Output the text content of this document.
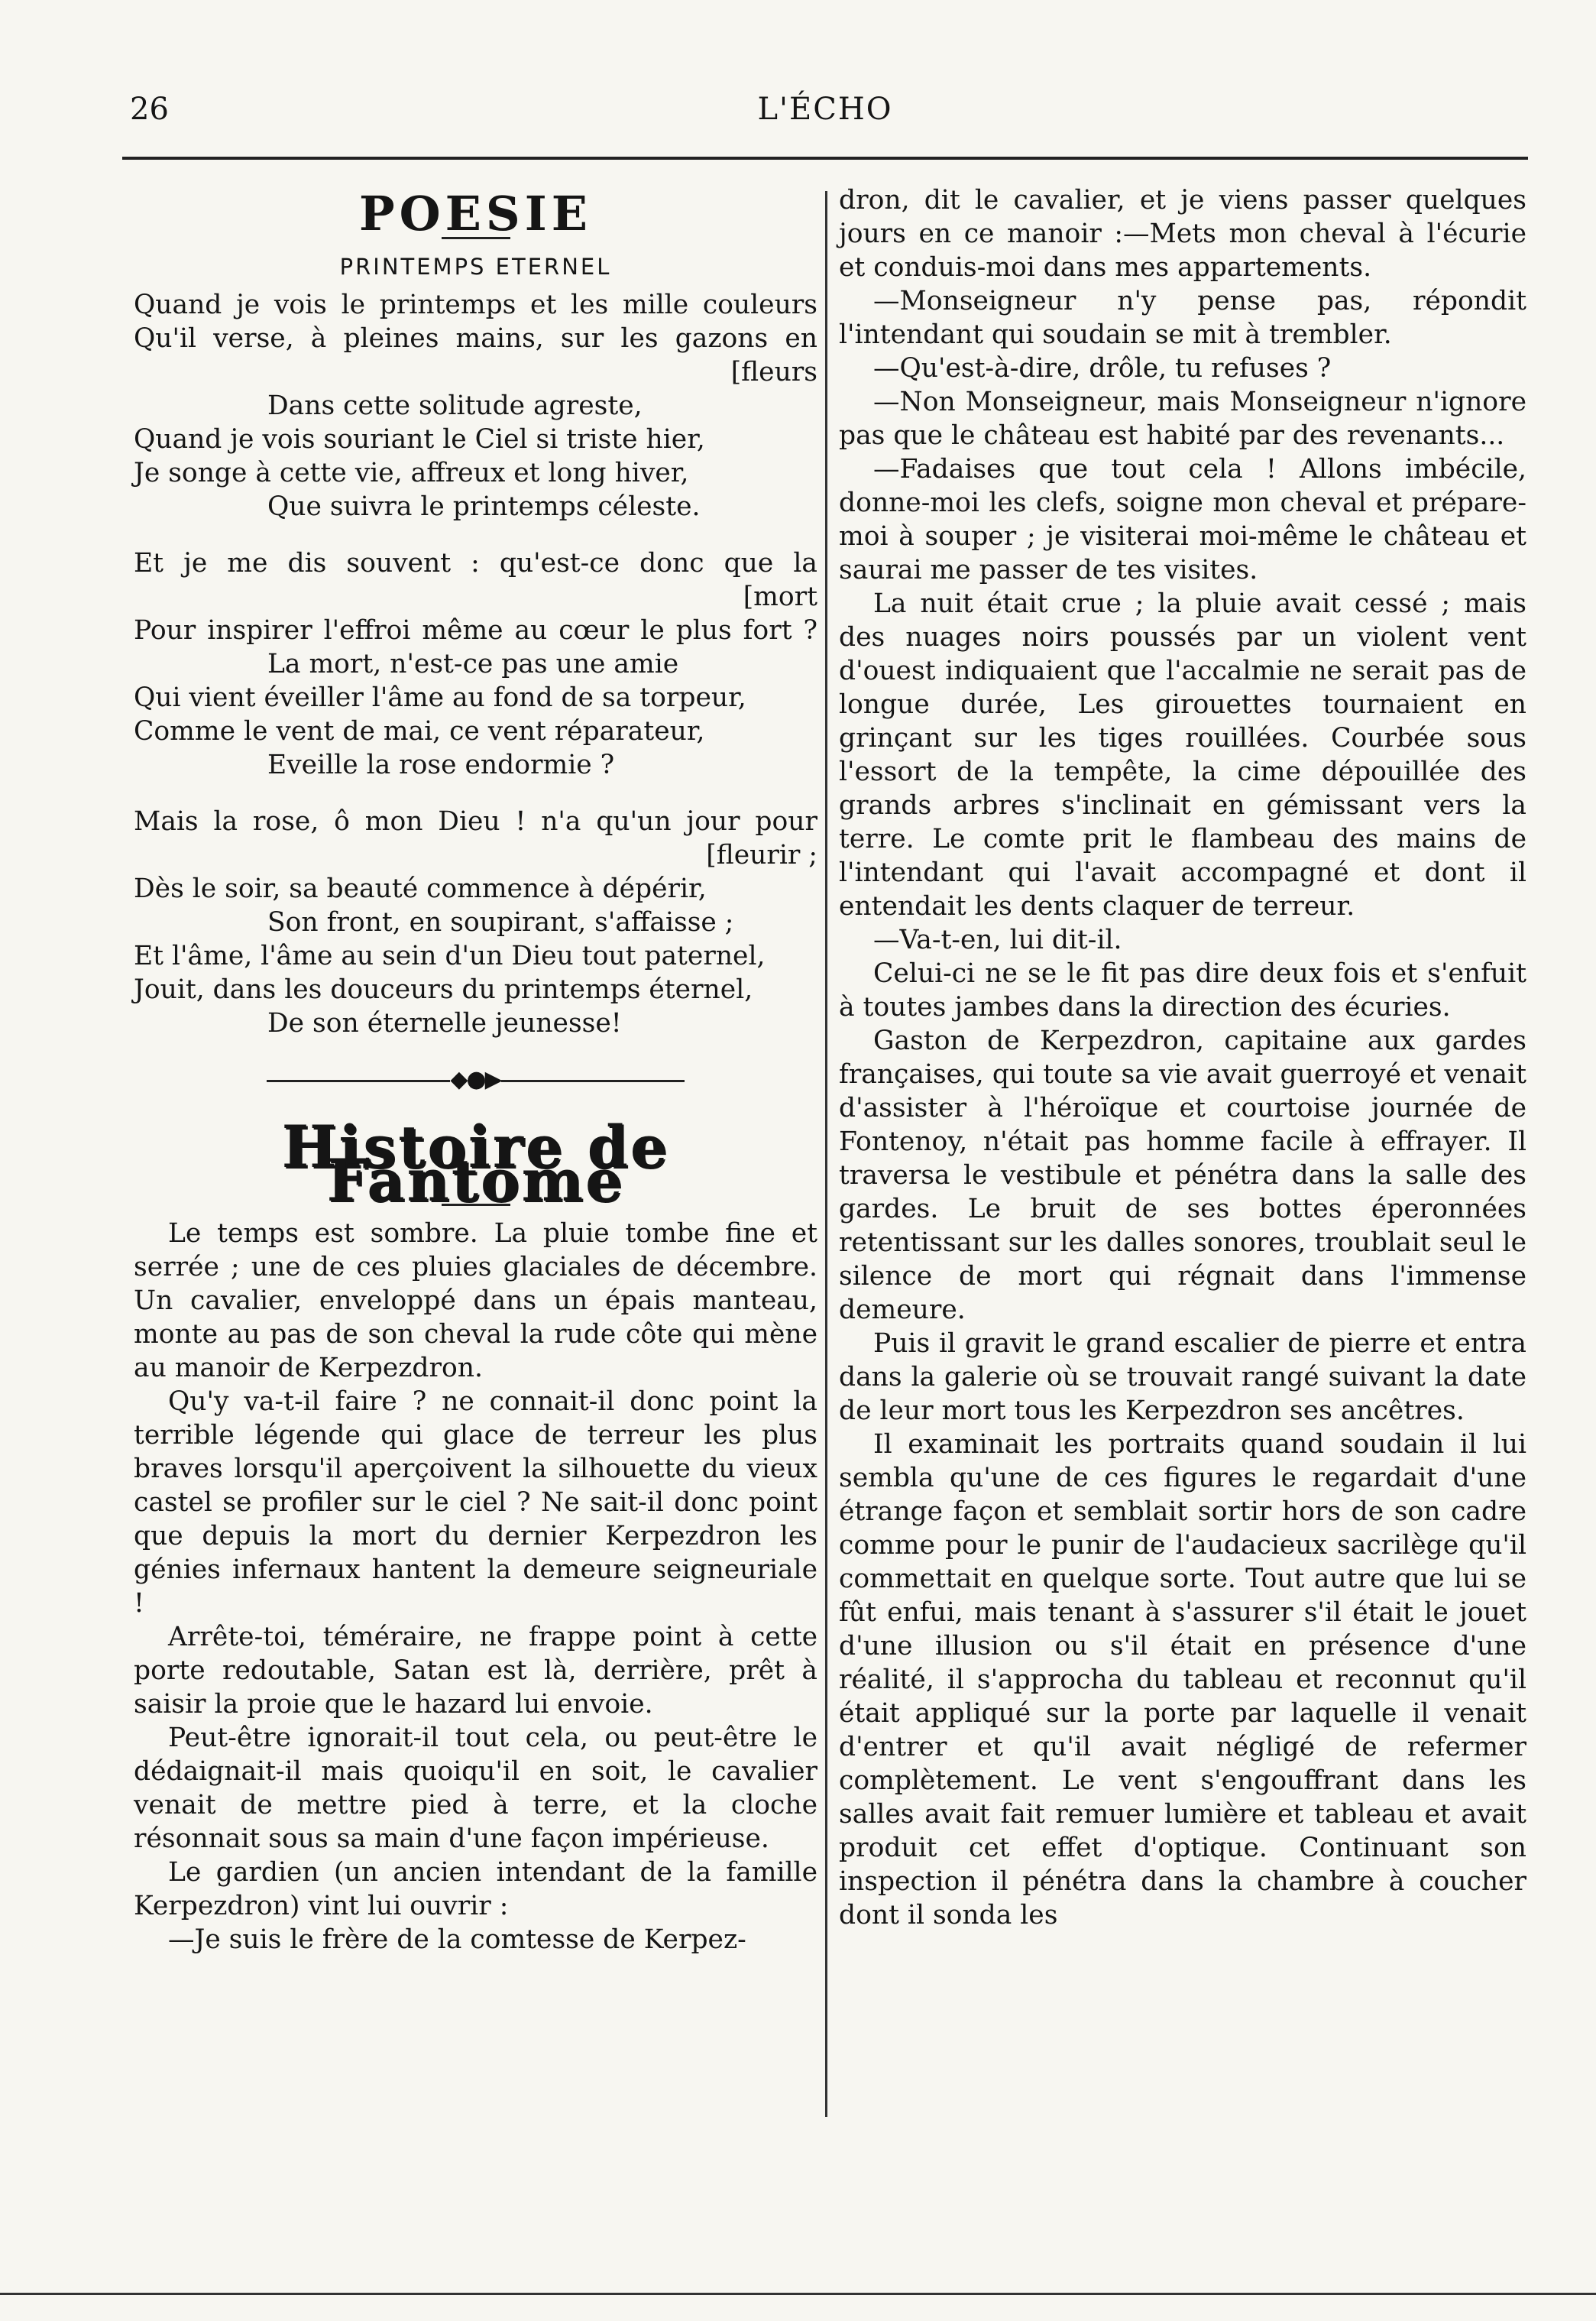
26	L'ÉCHO
POESIE
PRINTEMPS ETERNEL
Quand je vois le printemps et les mille couleurs
Qu'il verse, à pleines mains, sur les gazons en
[fleurs
Dans cette solitude agreste,
Quand je vois souriant le Ciel si triste hier,
Je songe à cette vie, affreux et long hiver,
Que suivra le printemps céleste.
Et je me dis souvent : qu'est-ce donc que la
[mort
Pour inspirer l'effroi même au cœur le plus fort ?
La mort, n'est-ce pas une amie
Qui vient éveiller l'âme au fond de sa torpeur,
Comme le vent de mai, ce vent réparateur,
Eveille la rose endormie ?
Mais la rose, ô mon Dieu ! n'a qu'un jour pour
[fleurir ;
Dès le soir, sa beauté commence à dépérir,
Son front, en soupirant, s'affaisse ;
Et l'âme, l'âme au sein d'un Dieu tout paternel,
Jouit, dans les douceurs du printemps éternel,
De son éternelle jeunesse!
◆●▶
Histoire de Fantome

Le temps est sombre. La pluie tombe fine et serrée ; une de ces pluies glaciales de décembre. Un cavalier, enveloppé dans un épais manteau, monte au pas de son cheval la rude côte qui mène au manoir de Kerpezdron.

Qu'y va-t-il faire ? ne connait-il donc point la terrible légende qui glace de terreur les plus braves lorsqu'il aperçoivent la silhouette du vieux castel se profiler sur le ciel ? Ne sait-il donc point que depuis la mort du dernier Kerpezdron les génies infernaux hantent la demeure seigneuriale !

Arrête-toi, téméraire, ne frappe point à cette porte redoutable, Satan est là, derrière, prêt à saisir la proie que le hazard lui envoie.

Peut-être ignorait-il tout cela, ou peut-être le dédaignait-il mais quoiqu'il en soit, le cavalier venait de mettre pied à terre, et la cloche résonnait sous sa main d'une façon impérieuse.

Le gardien (un ancien intendant de la famille Kerpezdron) vint lui ouvrir :

—Je suis le frère de la comtesse de Kerpez-

dron, dit le cavalier, et je viens passer quelques jours en ce manoir :—Mets mon cheval à l'écurie et conduis-moi dans mes appartements.

—Monseigneur n'y pense pas, répondit l'intendant qui soudain se mit à trembler.

—Qu'est-à-dire, drôle, tu refuses ?

—Non Monseigneur, mais Monseigneur n'ignore pas que le château est habité par des revenants...

—Fadaises que tout cela ! Allons imbécile, donne-moi les clefs, soigne mon cheval et prépare-moi à souper ; je visiterai moi-même le château et saurai me passer de tes visites.

La nuit était crue ; la pluie avait cessé ; mais des nuages noirs poussés par un violent vent d'ouest indiquaient que l'accalmie ne serait pas de longue durée, Les girouettes tournaient en grinçant sur les tiges rouillées. Courbée sous l'essort de la tempête, la cime dépouillée des grands arbres s'inclinait en gémissant vers la terre. Le comte prit le flambeau des mains de l'intendant qui l'avait accompagné et dont il entendait les dents claquer de terreur.

—Va-t-en, lui dit-il.

Celui-ci ne se le fit pas dire deux fois et s'enfuit à toutes jambes dans la direction des écuries.

Gaston de Kerpezdron, capitaine aux gardes françaises, qui toute sa vie avait guerroyé et venait d'assister à l'héroïque et courtoise journée de Fontenoy, n'était pas homme facile à effrayer. Il traversa le vestibule et pénétra dans la salle des gardes. Le bruit de ses bottes éperonnées retentissant sur les dalles sonores, troublait seul le silence de mort qui régnait dans l'immense demeure.

Puis il gravit le grand escalier de pierre et entra dans la galerie où se trouvait rangé suivant la date de leur mort tous les Kerpezdron ses ancêtres.

Il examinait les portraits quand soudain il lui sembla qu'une de ces figures le regardait d'une étrange façon et semblait sortir hors de son cadre comme pour le punir de l'audacieux sacrilège qu'il commettait en quelque sorte. Tout autre que lui se fût enfui, mais tenant à s'assurer s'il était le jouet d'une illusion ou s'il était en présence d'une réalité, il s'approcha du tableau et reconnut qu'il était appliqué sur la porte par laquelle il venait d'entrer et qu'il avait négligé de refermer complètement. Le vent s'engouffrant dans les salles avait fait remuer lumière et tableau et avait produit cet effet d'optique. Continuant son inspection il pénétra dans la chambre à coucher dont il sonda les
